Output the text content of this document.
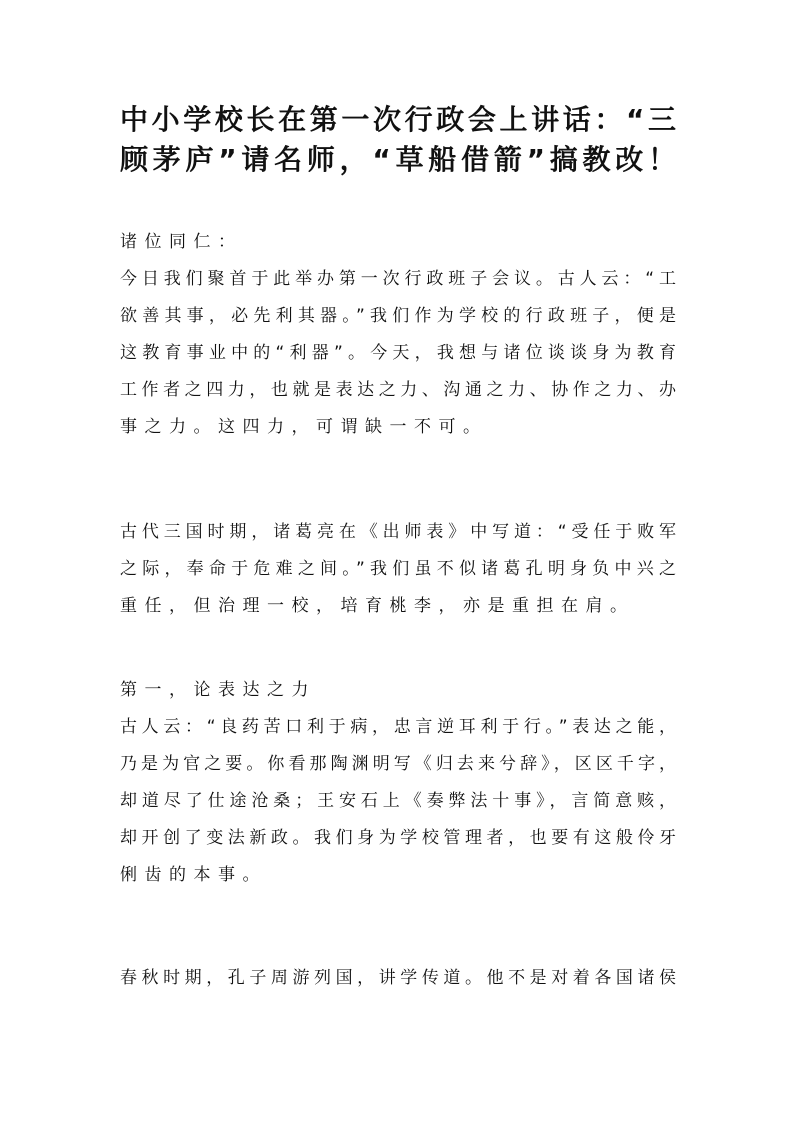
中小学校长在第一次行政会上讲话：“三
顾茅庐”请名师，“草船借箭”搞教改！
诸位同仁：
今日我们聚首于此举办第一次行政班子会议。古人云：“工
欲善其事，必先利其器。”我们作为学校的行政班子，便是
这教育事业中的“利器”。今天，我想与诸位谈谈身为教育
工作者之四力，也就是表达之力、沟通之力、协作之力、办
事之力。这四力，可谓缺一不可。
古代三国时期，诸葛亮在《出师表》中写道：“受任于败军
之际，奉命于危难之间。”我们虽不似诸葛孔明身负中兴之
重任，但治理一校，培育桃李，亦是重担在肩。
第一，论表达之力
古人云：“良药苦口利于病，忠言逆耳利于行。”表达之能，
乃是为官之要。你看那陶渊明写《归去来兮辞》，区区千字，
却道尽了仕途沧桑；王安石上《奏弊法十事》，言简意赅，
却开创了变法新政。我们身为学校管理者，也要有这般伶牙
俐齿的本事。
春秋时期，孔子周游列国，讲学传道。他不是对着各国诸侯
